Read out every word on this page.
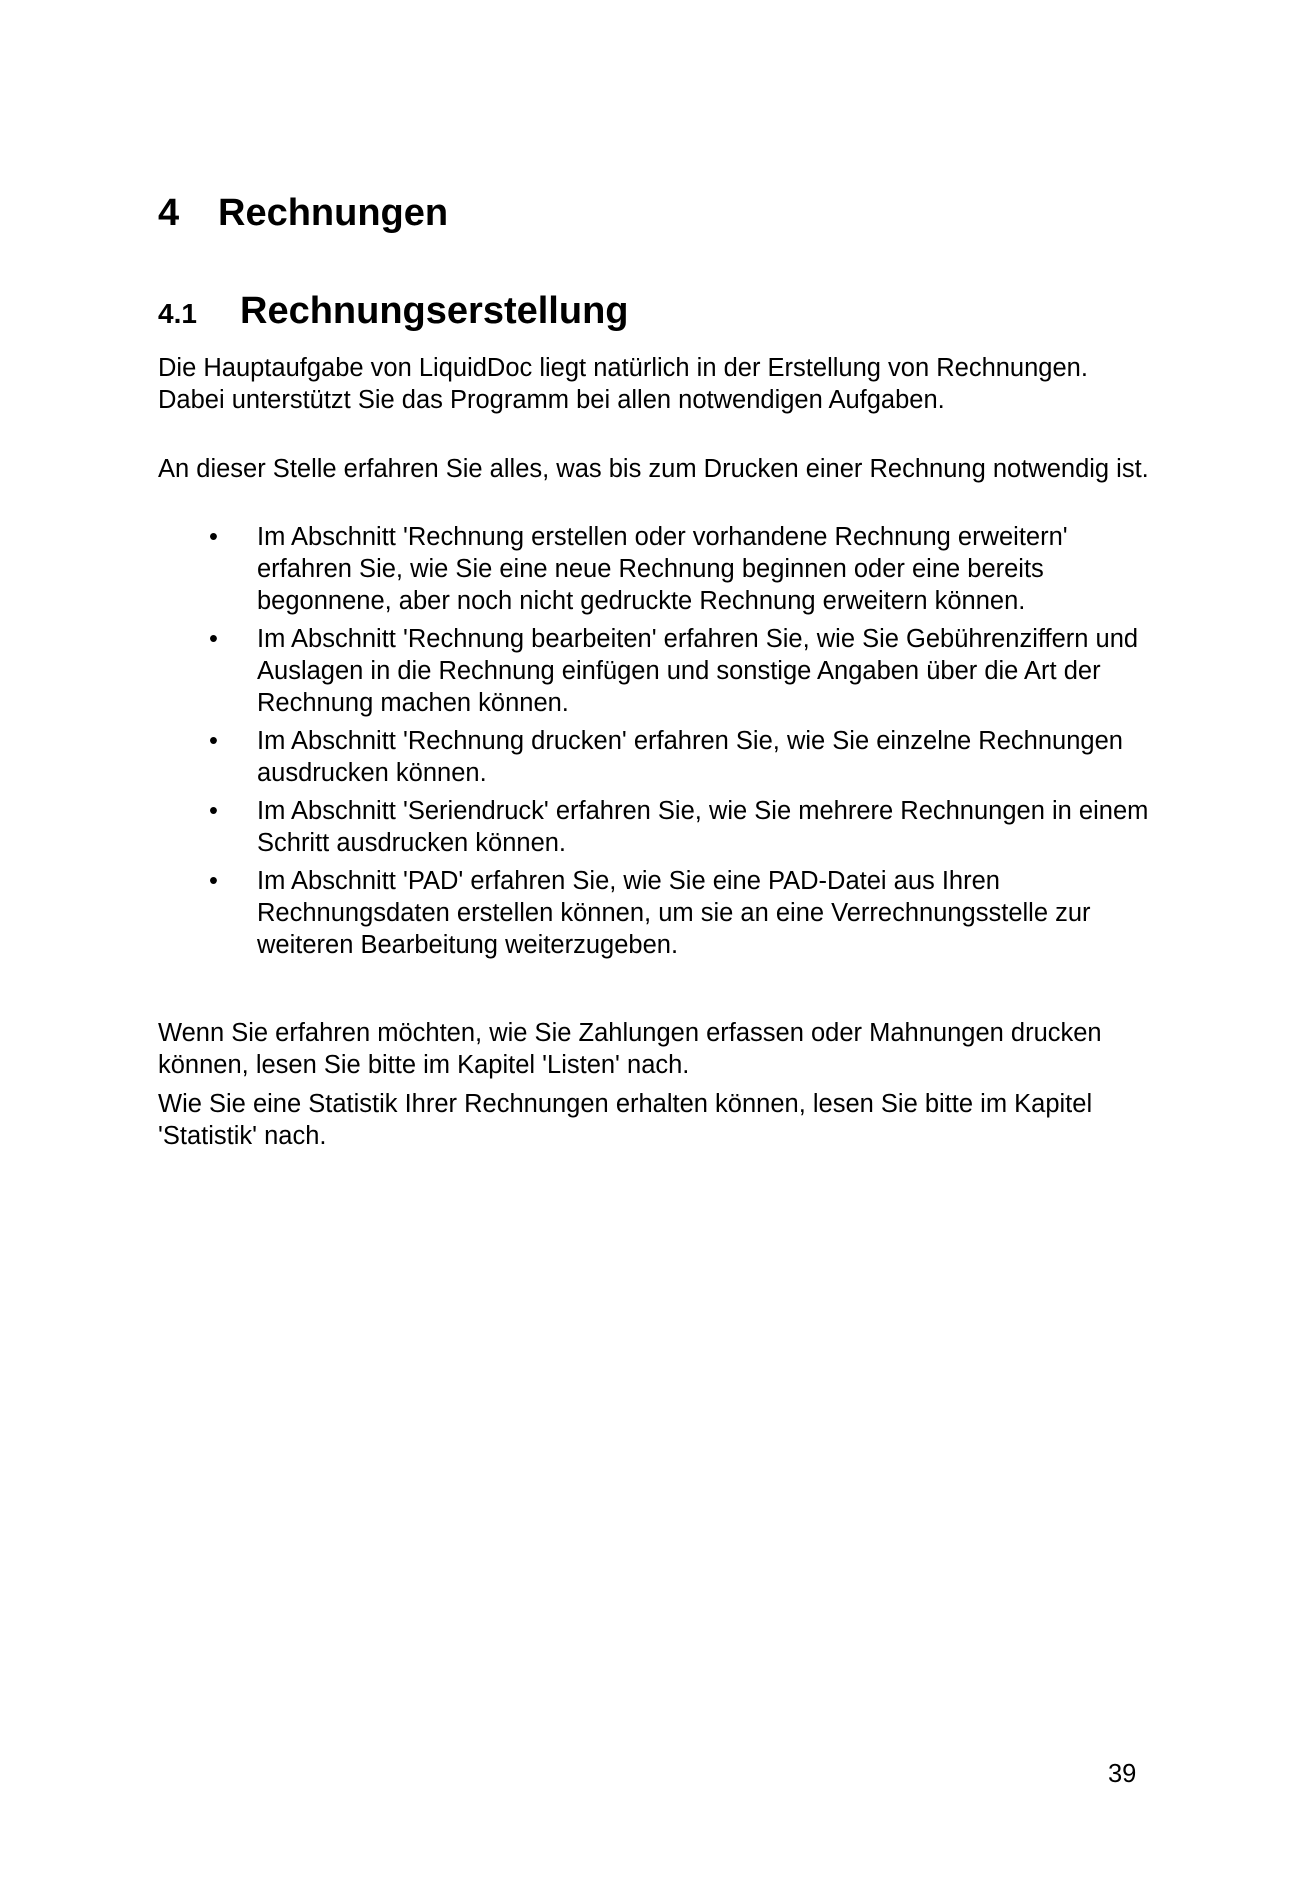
4 Rechnungen
4.1 Rechnungserstellung

Die Hauptaufgabe von LiquidDoc liegt natürlich in der Erstellung von Rechnungen. Dabei unterstützt Sie das Programm bei allen notwendigen Aufgaben.

An dieser Stelle erfahren Sie alles, was bis zum Drucken einer Rechnung notwendig ist.

• Im Abschnitt 'Rechnung erstellen oder vorhandene Rechnung erweitern' erfahren Sie, wie Sie eine neue Rechnung beginnen oder eine bereits begonnene, aber noch nicht gedruckte Rechnung erweitern können.
• Im Abschnitt 'Rechnung bearbeiten' erfahren Sie, wie Sie Gebührenziffern und Auslagen in die Rechnung einfügen und sonstige Angaben über die Art der Rechnung machen können.
• Im Abschnitt 'Rechnung drucken' erfahren Sie, wie Sie einzelne Rechnungen ausdrucken können.
• Im Abschnitt 'Seriendruck' erfahren Sie, wie Sie mehrere Rechnungen in einem Schritt ausdrucken können.
• Im Abschnitt 'PAD' erfahren Sie, wie Sie eine PAD-Datei aus Ihren Rechnungsdaten erstellen können, um sie an eine Verrechnungsstelle zur weiteren Bearbeitung weiterzugeben.

Wenn Sie erfahren möchten, wie Sie Zahlungen erfassen oder Mahnungen drucken können, lesen Sie bitte im Kapitel 'Listen' nach.

Wie Sie eine Statistik Ihrer Rechnungen erhalten können, lesen Sie bitte im Kapitel 'Statistik' nach.

39
